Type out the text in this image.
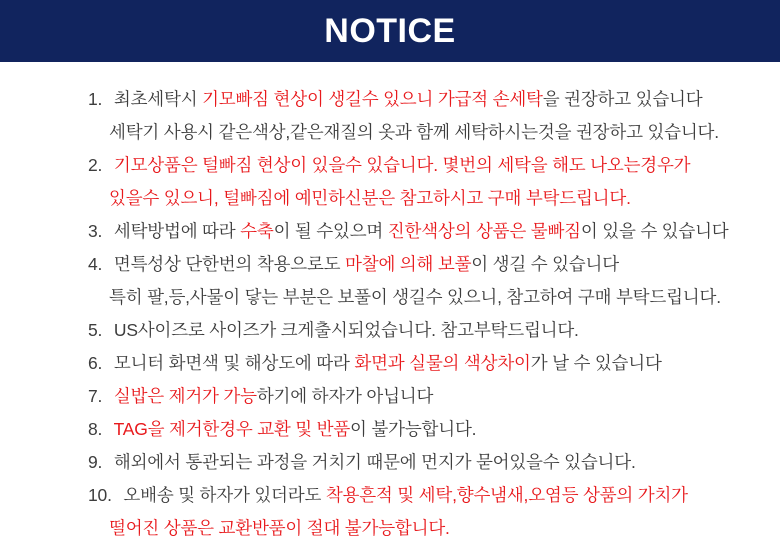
NOTICE
1. 최초세탁시 기모빠짐 현상이 생길수 있으니 가급적 손세탁을 권장하고 있습니다
세탁기 사용시 같은색상,같은재질의 옷과 함께 세탁하시는것을 권장하고 있습니다.
2. 기모상품은 털빠짐 현상이 있을수 있습니다. 몇번의 세탁을 해도 나오는경우가
있을수 있으니, 털빠짐에 예민하신분은 참고하시고 구매 부탁드립니다.
3. 세탁방법에 따라 수축이 될 수있으며 진한색상의 상품은 물빠짐이 있을 수 있습니다
4. 면특성상 단한번의 착용으로도 마찰에 의해 보풀이 생길 수 있습니다
특히 팔,등,사물이 닿는 부분은 보풀이 생길수 있으니, 참고하여 구매 부탁드립니다.
5. US사이즈로 사이즈가 크게출시되었습니다. 참고부탁드립니다.
6. 모니터 화면색 및 해상도에 따라 화면과 실물의 색상차이가 날 수 있습니다
7. 실밥은 제거가 가능하기에 하자가 아닙니다
8. TAG을 제거한경우 교환 및 반품이 불가능합니다.
9. 해외에서 통관되는 과정을 거치기 때문에 먼지가 묻어있을수 있습니다.
10. 오배송 및 하자가 있더라도 착용흔적 및 세탁,향수냄새,오염등 상품의 가치가
떨어진 상품은 교환반품이 절대 불가능합니다.
